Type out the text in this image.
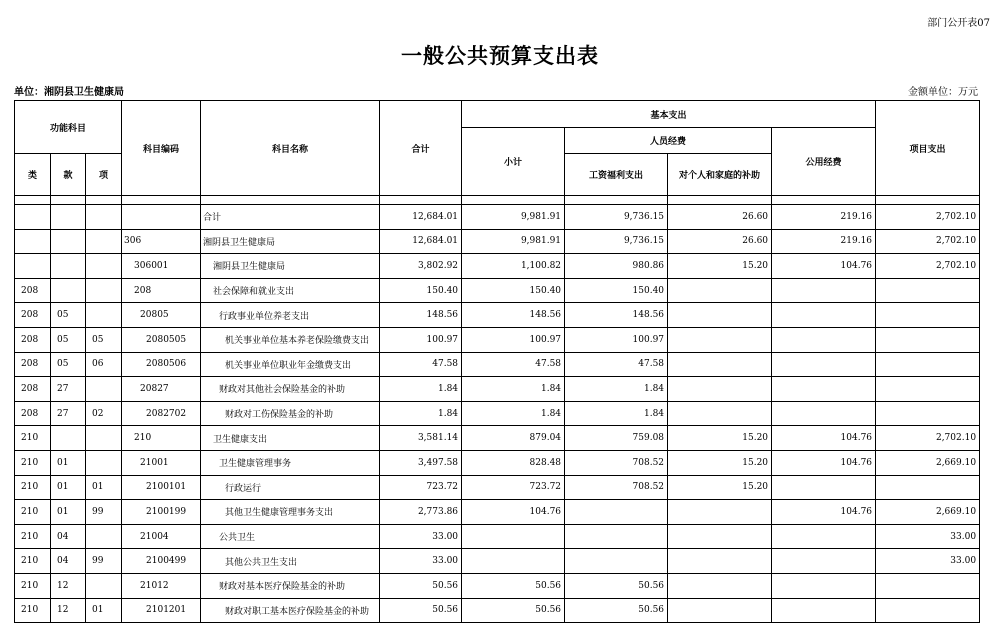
部门公开表07
一般公共预算支出表
单位：湘阴县卫生健康局	金额单位：万元
功能科目			科目编码	科目名称	合计	基本支出				项目支出
						小计	人员经费		公用经费	
类	款	项					工资福利支出	对个人和家庭的补助		

				合计	12,684.01	9,981.91	9,736.15	26.60	219.16	2,702.10
			306	湘阴县卫生健康局	12,684.01	9,981.91	9,736.15	26.60	219.16	2,702.10
			306001	湘阴县卫生健康局	3,802.92	1,100.82	980.86	15.20	104.76	2,702.10
208			208	社会保障和就业支出	150.40	150.40	150.40			
208	05		20805	行政事业单位养老支出	148.56	148.56	148.56			
208	05	05	2080505	机关事业单位基本养老保险缴费支出	100.97	100.97	100.97			
208	05	06	2080506	机关事业单位职业年金缴费支出	47.58	47.58	47.58			
208	27		20827	财政对其他社会保险基金的补助	1.84	1.84	1.84			
208	27	02	2082702	财政对工伤保险基金的补助	1.84	1.84	1.84			
210			210	卫生健康支出	3,581.14	879.04	759.08	15.20	104.76	2,702.10
210	01		21001	卫生健康管理事务	3,497.58	828.48	708.52	15.20	104.76	2,669.10
210	01	01	2100101	行政运行	723.72	723.72	708.52	15.20		
210	01	99	2100199	其他卫生健康管理事务支出	2,773.86	104.76			104.76	2,669.10
210	04		21004	公共卫生	33.00					33.00
210	04	99	2100499	其他公共卫生支出	33.00					33.00
210	12		21012	财政对基本医疗保险基金的补助	50.56	50.56	50.56			
210	12	01	2101201	财政对职工基本医疗保险基金的补助	50.56	50.56	50.56			
